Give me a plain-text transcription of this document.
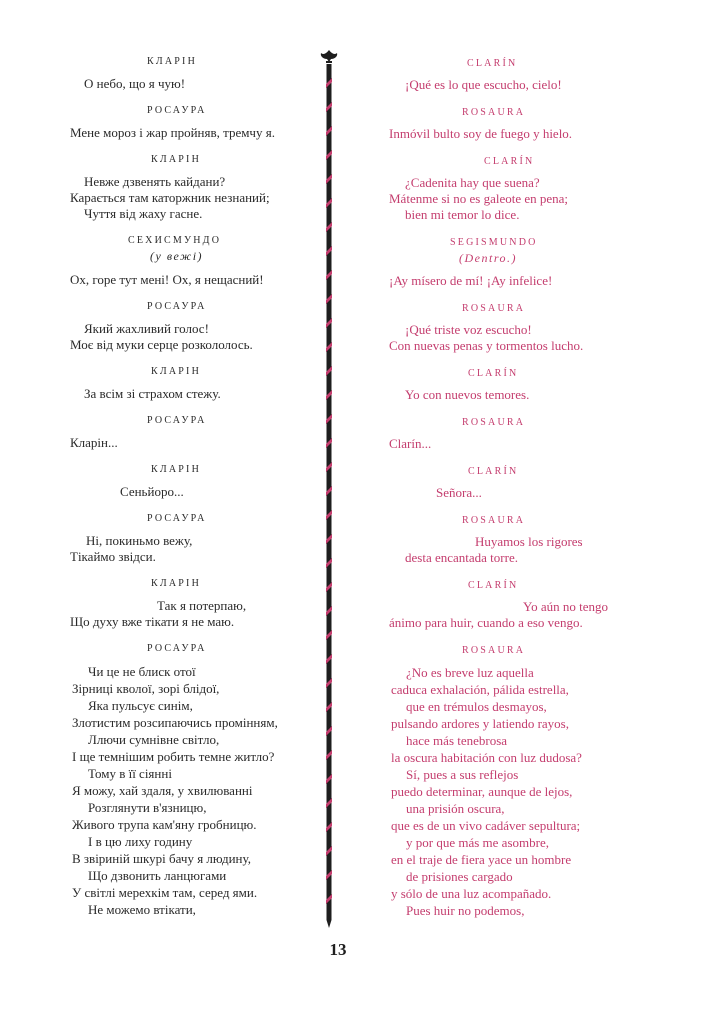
КЛАРІН
О небо, що я чую!
РОСАУРА
Мене мороз і жар пройняв, тремчу я.
КЛАРІН
Невже дзвенять кайдани?
Карається там каторжник незнаний;
Чуття від жаху гасне.
СЕХИСМУНДО
(у вежі)
Ох, горе тут мені! Ох, я нещасний!
РОСАУРА
Який жахливий голос!
Моє від муки серце розкололось.
КЛАРІН
За всім зі страхом стежу.
РОСАУРА
Кларін...
КЛАРІН
Сеньйоро...
РОСАУРА
Ні, покиньмо вежу,
Тікаймо звідси.
КЛАРІН
Так я потерпаю,
Що духу вже тікати я не маю.
РОСАУРА
Чи це не блиск отої
Зірниці кволої, зорі блідої,
Яка пульсує синім,
Злотистим розсипаючись промінням,
Ллючи сумнівне світло,
І ще темнішим робить темне житло?
Тому в її сіянні
Я можу, хай здаля, у хвилюванні
Розглянути в'язницю,
Живого трупа кам'яну гробницю.
І в цю лиху годину
В звіриній шкурі бачу я людину,
Що дзвонить ланцюгами
У світлі мерехкім там, серед ями.
Не можемо втікати,
CLARÍN
¡Qué es lo que escucho, cielo!
ROSAURA
Inmóvil bulto soy de fuego y hielo.
CLARÍN
¿Cadenita hay que suena?
Mátenme si no es galeote en pena;
bien mi temor lo dice.
SEGISMUNDO
(Dentro.)
¡Ay mísero de mí! ¡Ay infelice!
ROSAURA
¡Qué triste voz escucho!
Con nuevas penas y tormentos lucho.
CLARÍN
Yo con nuevos temores.
ROSAURA
Clarín...
CLARÍN
Señora...
ROSAURA
Huyamos los rigores
desta encantada torre.
CLARÍN
Yo aún no tengo
ánimo para huir, cuando a eso vengo.
ROSAURA
¿No es breve luz aquella
caduca exhalación, pálida estrella,
que en trémulos desmayos,
pulsando ardores y latiendo rayos,
hace más tenebrosa
la oscura habitación con luz dudosa?
Sí, pues a sus reflejos
puedo determinar, aunque de lejos,
una prisión oscura,
que es de un vivo cadáver sepultura;
y por que más me asombre,
en el traje de fiera yace un hombre
de prisiones cargado
y sólo de una luz acompañado.
Pues huir no podemos,
13
